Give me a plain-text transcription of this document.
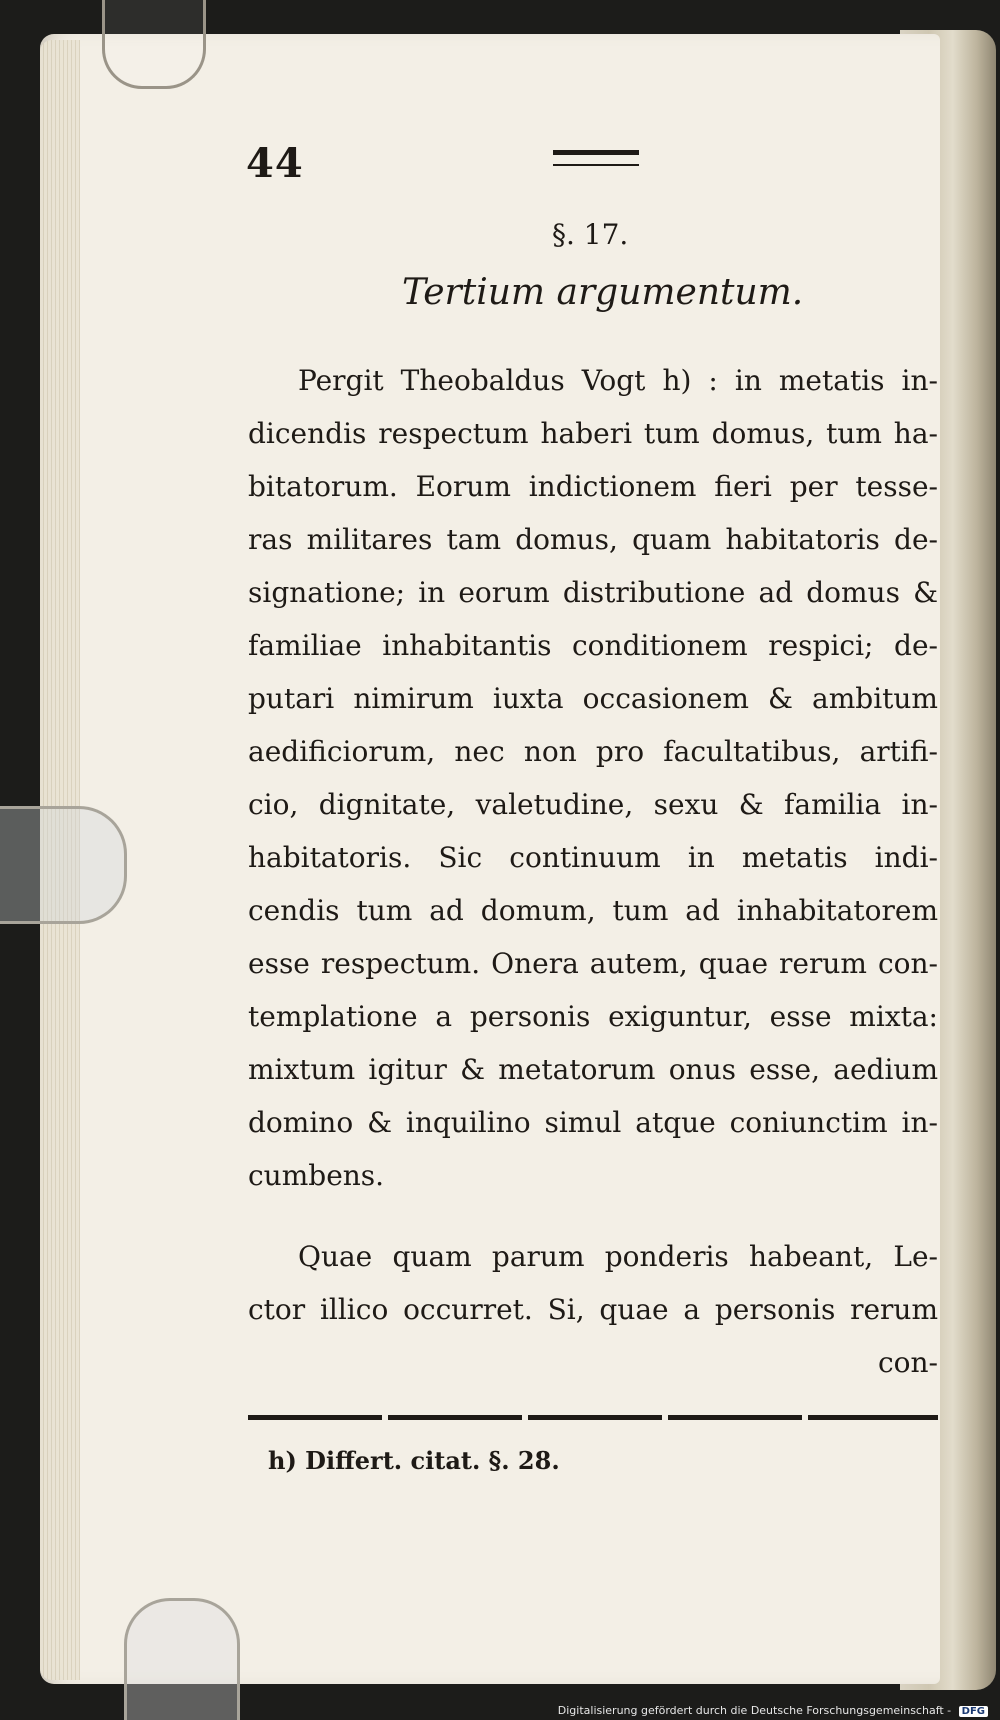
44
§. 17.
Tertium argumentum.
Pergit Theobaldus Vogt h) : in metatis in-
dicendis respectum haberi tum domus, tum ha-
bitatorum. Eorum indictionem fieri per tesse-
ras militares tam domus, quam habitatoris de-
signatione; in eorum distributione ad domus &
familiae inhabitantis conditionem respici; de-
putari nimirum iuxta occasionem & ambitum
aedificiorum, nec non pro facultatibus, artifi-
cio, dignitate, valetudine, sexu & familia in-
habitatoris. Sic continuum in metatis indi-
cendis tum ad domum, tum ad inhabitatorem
esse respectum. Onera autem, quae rerum con-
templatione a personis exiguntur, esse mixta:
mixtum igitur & metatorum onus esse, aedium
domino & inquilino simul atque coniunctim in-
cumbens.
Quae quam parum ponderis habeant, Le-
ctor illico occurret. Si, quae a personis rerum
con-
h) Differt. citat. §. 28.
Digitalisierung gefördert durch die Deutsche Forschungsgemeinschaft - DFG
